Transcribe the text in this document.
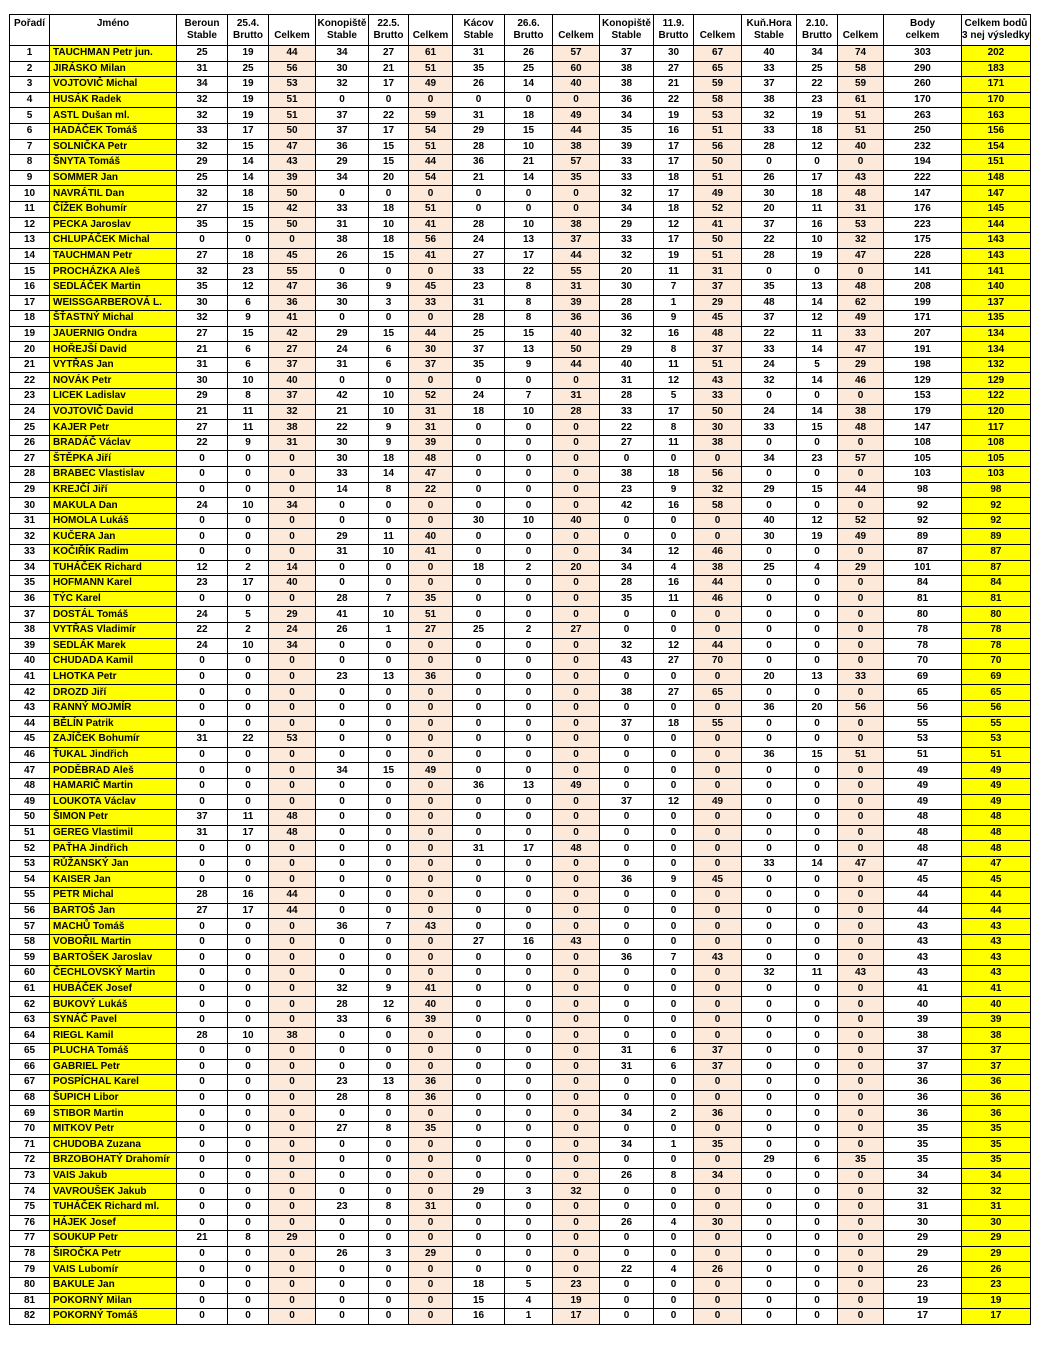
Pořadí	Jméno	Beroun	25.4.		Konopiště	22.5.		Kácov	26.6.		Konopiště	11.9.		Kuň.Hora	2.10.		Body	Celkem bodů
		Stable	Brutto	Celkem	Stable	Brutto	Celkem	Stable	Brutto	Celkem	Stable	Brutto	Celkem	Stable	Brutto	Celkem	celkem	3 nej výsledky
1	TAUCHMAN Petr jun.	25	19	44	34	27	61	31	26	57	37	30	67	40	34	74	303	202
2	JIRÁSKO Milan	31	25	56	30	21	51	35	25	60	38	27	65	33	25	58	290	183
3	VOJTOVIČ Michal	34	19	53	32	17	49	26	14	40	38	21	59	37	22	59	260	171
4	HUSÁK Radek	32	19	51	0	0	0	0	0	0	36	22	58	38	23	61	170	170
5	ASTL Dušan ml.	32	19	51	37	22	59	31	18	49	34	19	53	32	19	51	263	163
6	HADÁČEK Tomáš	33	17	50	37	17	54	29	15	44	35	16	51	33	18	51	250	156
7	SOLNIČKA Petr	32	15	47	36	15	51	28	10	38	39	17	56	28	12	40	232	154
8	ŠNYTA Tomáš	29	14	43	29	15	44	36	21	57	33	17	50	0	0	0	194	151
9	SOMMER Jan	25	14	39	34	20	54	21	14	35	33	18	51	26	17	43	222	148
10	NAVRÁTIL Dan	32	18	50	0	0	0	0	0	0	32	17	49	30	18	48	147	147
11	ČÍŽEK Bohumír	27	15	42	33	18	51	0	0	0	34	18	52	20	11	31	176	145
12	PECKA Jaroslav	35	15	50	31	10	41	28	10	38	29	12	41	37	16	53	223	144
13	CHLUPÁČEK Michal	0	0	0	38	18	56	24	13	37	33	17	50	22	10	32	175	143
14	TAUCHMAN Petr	27	18	45	26	15	41	27	17	44	32	19	51	28	19	47	228	143
15	PROCHÁZKA Aleš	32	23	55	0	0	0	33	22	55	20	11	31	0	0	0	141	141
16	SEDLÁČEK Martin	35	12	47	36	9	45	23	8	31	30	7	37	35	13	48	208	140
17	WEISSGARBEROVÁ L.	30	6	36	30	3	33	31	8	39	28	1	29	48	14	62	199	137
18	ŠŤASTNÝ Michal	32	9	41	0	0	0	28	8	36	36	9	45	37	12	49	171	135
19	JAUERNIG Ondra	27	15	42	29	15	44	25	15	40	32	16	48	22	11	33	207	134
20	HOŘEJŠÍ David	21	6	27	24	6	30	37	13	50	29	8	37	33	14	47	191	134
21	VYTŘAS Jan	31	6	37	31	6	37	35	9	44	40	11	51	24	5	29	198	132
22	NOVÁK Petr	30	10	40	0	0	0	0	0	0	31	12	43	32	14	46	129	129
23	LICEK Ladislav	29	8	37	42	10	52	24	7	31	28	5	33	0	0	0	153	122
24	VOJTOVIČ David	21	11	32	21	10	31	18	10	28	33	17	50	24	14	38	179	120
25	KAJER Petr	27	11	38	22	9	31	0	0	0	22	8	30	33	15	48	147	117
26	BRADÁČ Václav	22	9	31	30	9	39	0	0	0	27	11	38	0	0	0	108	108
27	ŠTĚPKA Jiří	0	0	0	30	18	48	0	0	0	0	0	0	34	23	57	105	105
28	BRABEC Vlastislav	0	0	0	33	14	47	0	0	0	38	18	56	0	0	0	103	103
29	KREJČÍ Jiří	0	0	0	14	8	22	0	0	0	23	9	32	29	15	44	98	98
30	MAKULA Dan	24	10	34	0	0	0	0	0	0	42	16	58	0	0	0	92	92
31	HOMOLA Lukáš	0	0	0	0	0	0	30	10	40	0	0	0	40	12	52	92	92
32	KUČERA Jan	0	0	0	29	11	40	0	0	0	0	0	0	30	19	49	89	89
33	KOČIŘÍK Radim	0	0	0	31	10	41	0	0	0	34	12	46	0	0	0	87	87
34	TUHÁČEK Richard	12	2	14	0	0	0	18	2	20	34	4	38	25	4	29	101	87
35	HOFMANN Karel	23	17	40	0	0	0	0	0	0	28	16	44	0	0	0	84	84
36	TÝC Karel	0	0	0	28	7	35	0	0	0	35	11	46	0	0	0	81	81
37	DOSTÁL Tomáš	24	5	29	41	10	51	0	0	0	0	0	0	0	0	0	80	80
38	VYTŘAS Vladimír	22	2	24	26	1	27	25	2	27	0	0	0	0	0	0	78	78
39	SEDLÁK Marek	24	10	34	0	0	0	0	0	0	32	12	44	0	0	0	78	78
40	CHUDADA Kamil	0	0	0	0	0	0	0	0	0	43	27	70	0	0	0	70	70
41	LHOTKA Petr	0	0	0	23	13	36	0	0	0	0	0	0	20	13	33	69	69
42	DROZD Jiří	0	0	0	0	0	0	0	0	0	38	27	65	0	0	0	65	65
43	RANNÝ MOJMÍR	0	0	0	0	0	0	0	0	0	0	0	0	36	20	56	56	56
44	BĚLÍN Patrik	0	0	0	0	0	0	0	0	0	37	18	55	0	0	0	55	55
45	ZAJÍČEK Bohumír	31	22	53	0	0	0	0	0	0	0	0	0	0	0	0	53	53
46	ŤUKAL Jindřich	0	0	0	0	0	0	0	0	0	0	0	0	36	15	51	51	51
47	PODĚBRAD Aleš	0	0	0	34	15	49	0	0	0	0	0	0	0	0	0	49	49
48	HAMARIČ Martin	0	0	0	0	0	0	36	13	49	0	0	0	0	0	0	49	49
49	LOUKOTA Václav	0	0	0	0	0	0	0	0	0	37	12	49	0	0	0	49	49
50	ŠIMON Petr	37	11	48	0	0	0	0	0	0	0	0	0	0	0	0	48	48
51	GEREG Vlastimil	31	17	48	0	0	0	0	0	0	0	0	0	0	0	0	48	48
52	PAŤHA Jindřich	0	0	0	0	0	0	31	17	48	0	0	0	0	0	0	48	48
53	RŮŽANSKÝ Jan	0	0	0	0	0	0	0	0	0	0	0	0	33	14	47	47	47
54	KAISER Jan	0	0	0	0	0	0	0	0	0	36	9	45	0	0	0	45	45
55	PETR Michal	28	16	44	0	0	0	0	0	0	0	0	0	0	0	0	44	44
56	BARTOŠ Jan	27	17	44	0	0	0	0	0	0	0	0	0	0	0	0	44	44
57	MACHŮ Tomáš	0	0	0	36	7	43	0	0	0	0	0	0	0	0	0	43	43
58	VOBOŘIL Martin	0	0	0	0	0	0	27	16	43	0	0	0	0	0	0	43	43
59	BARTOŠEK Jaroslav	0	0	0	0	0	0	0	0	0	36	7	43	0	0	0	43	43
60	ČECHLOVSKÝ Martin	0	0	0	0	0	0	0	0	0	0	0	0	32	11	43	43	43
61	HUBÁČEK Josef	0	0	0	32	9	41	0	0	0	0	0	0	0	0	0	41	41
62	BUKOVÝ Lukáš	0	0	0	28	12	40	0	0	0	0	0	0	0	0	0	40	40
63	SYNÁČ Pavel	0	0	0	33	6	39	0	0	0	0	0	0	0	0	0	39	39
64	RIEGL Kamil	28	10	38	0	0	0	0	0	0	0	0	0	0	0	0	38	38
65	PLUCHA Tomáš	0	0	0	0	0	0	0	0	0	31	6	37	0	0	0	37	37
66	GABRIEL Petr	0	0	0	0	0	0	0	0	0	31	6	37	0	0	0	37	37
67	POSPÍCHAL Karel	0	0	0	23	13	36	0	0	0	0	0	0	0	0	0	36	36
68	ŠUPICH Libor	0	0	0	28	8	36	0	0	0	0	0	0	0	0	0	36	36
69	STIBOR Martin	0	0	0	0	0	0	0	0	0	34	2	36	0	0	0	36	36
70	MITKOV Petr	0	0	0	27	8	35	0	0	0	0	0	0	0	0	0	35	35
71	CHUDOBA Zuzana	0	0	0	0	0	0	0	0	0	34	1	35	0	0	0	35	35
72	BRZOBOHATÝ Drahomír	0	0	0	0	0	0	0	0	0	0	0	0	29	6	35	35	35
73	VAIS Jakub	0	0	0	0	0	0	0	0	0	26	8	34	0	0	0	34	34
74	VAVROUŠEK Jakub	0	0	0	0	0	0	29	3	32	0	0	0	0	0	0	32	32
75	TUHÁČEK Richard ml.	0	0	0	23	8	31	0	0	0	0	0	0	0	0	0	31	31
76	HÁJEK Josef	0	0	0	0	0	0	0	0	0	26	4	30	0	0	0	30	30
77	SOUKUP Petr	21	8	29	0	0	0	0	0	0	0	0	0	0	0	0	29	29
78	ŠIROČKA Petr	0	0	0	26	3	29	0	0	0	0	0	0	0	0	0	29	29
79	VAIS Lubomír	0	0	0	0	0	0	0	0	0	22	4	26	0	0	0	26	26
80	BAKULE Jan	0	0	0	0	0	0	18	5	23	0	0	0	0	0	0	23	23
81	POKORNÝ Milan	0	0	0	0	0	0	15	4	19	0	0	0	0	0	0	19	19
82	POKORNÝ Tomáš	0	0	0	0	0	0	16	1	17	0	0	0	0	0	0	17	17
